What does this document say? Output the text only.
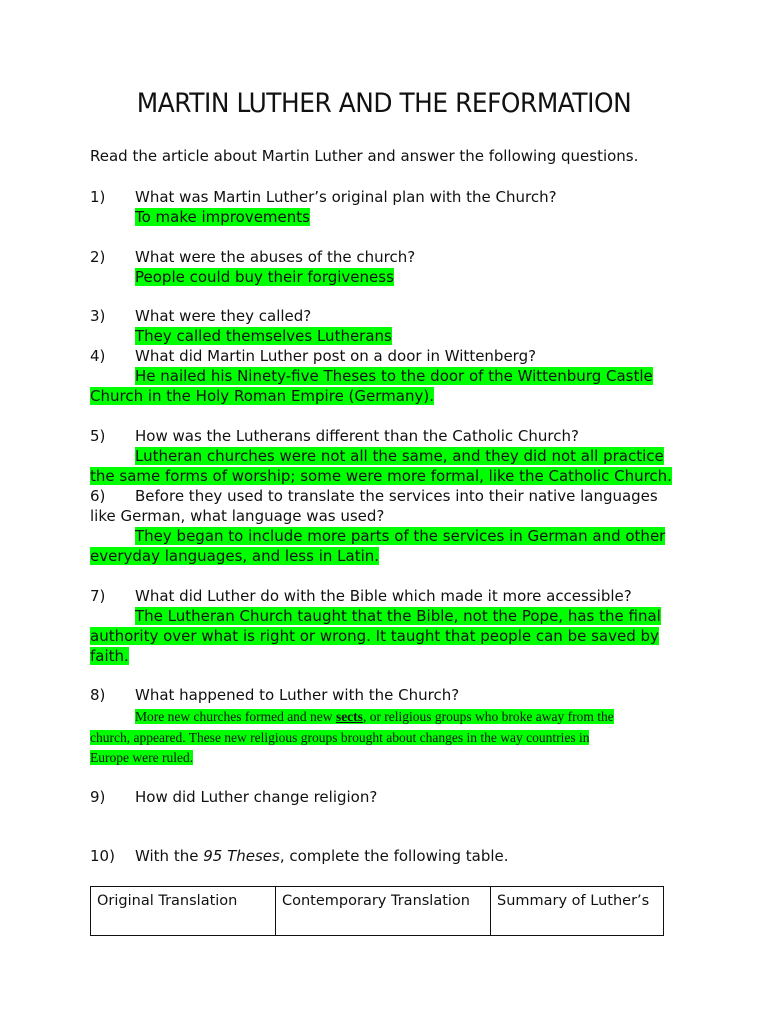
MARTIN LUTHER AND THE REFORMATION
Read the article about Martin Luther and answer the following questions.
1) What was Martin Luther’s original plan with the Church?
To make improvements
2) What were the abuses of the church?
People could buy their forgiveness
3) What were they called?
They called themselves Lutherans
4) What did Martin Luther post on a door in Wittenberg?
He nailed his Ninety-five Theses to the door of the Wittenburg Castle
Church in the Holy Roman Empire (Germany).
5) How was the Lutherans different than the Catholic Church?
Lutheran churches were not all the same, and they did not all practice
the same forms of worship; some were more formal, like the Catholic Church.
6) Before they used to translate the services into their native languages
like German, what language was used?
They began to include more parts of the services in German and other
everyday languages, and less in Latin.
7) What did Luther do with the Bible which made it more accessible?
The Lutheran Church taught that the Bible, not the Pope, has the final
authority over what is right or wrong. It taught that people can be saved by
faith.
8) What happened to Luther with the Church?
More new churches formed and new sects, or religious groups who broke away from the
church, appeared. These new religious groups brought about changes in the way countries in
Europe were ruled.
9) How did Luther change religion?
10) With the 95 Theses, complete the following table.
Original Translation	Contemporary Translation	Summary of Luther’s
